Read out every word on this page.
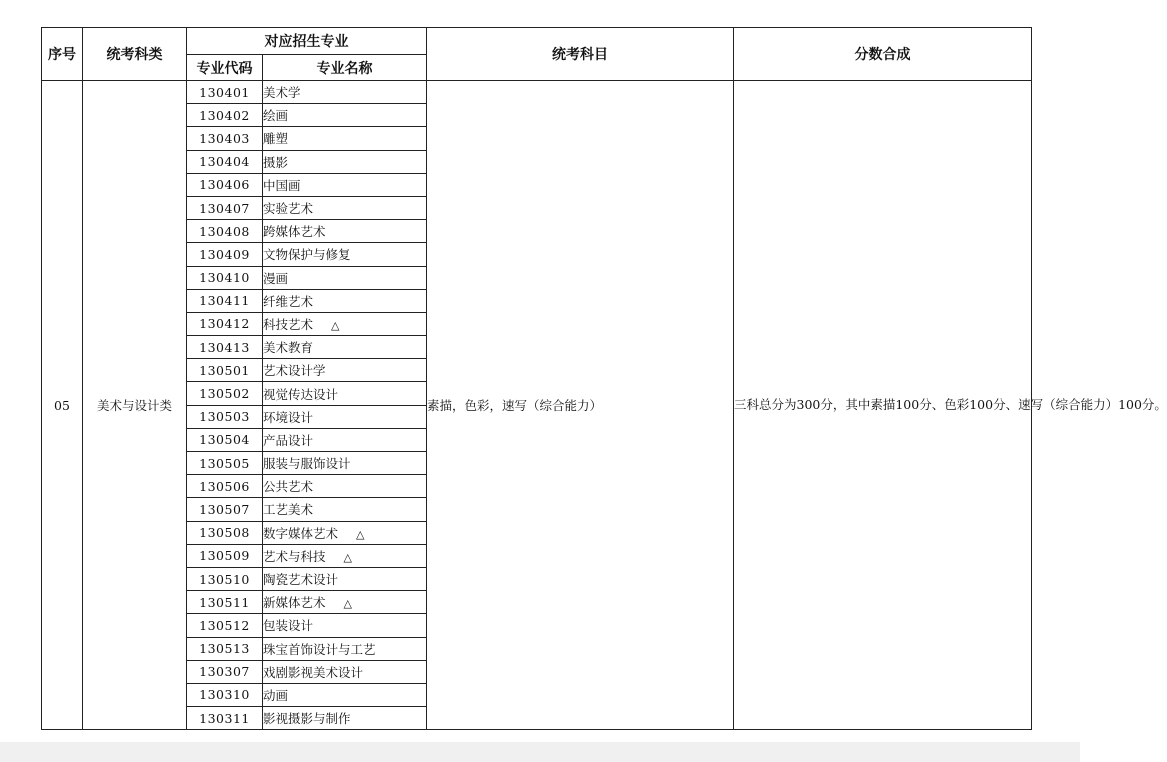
序号	统考科类	对应招生专业		统考科目	分数合成
		专业代码	专业名称		
05	美术与设计类	130401	美术学	素描，色彩，速写（综合能力）	三科总分为300分，其中素描100分、色彩100分、速写（综合能力）100分。

		130402	绘画		
		130403	雕塑		
		130404	摄影		
		130406	中国画		
		130407	实验艺术		
		130408	跨媒体艺术		
		130409	文物保护与修复		
		130410	漫画		
		130411	纤维艺术		
		130412	科技艺术 △		
		130413	美术教育		
		130501	艺术设计学		
		130502	视觉传达设计		
		130503	环境设计		
		130504	产品设计		
		130505	服装与服饰设计		
		130506	公共艺术		
		130507	工艺美术		
		130508	数字媒体艺术 △		
		130509	艺术与科技 △		
		130510	陶瓷艺术设计		
		130511	新媒体艺术 △		
		130512	包装设计		
		130513	珠宝首饰设计与工艺		
		130307	戏剧影视美术设计		
		130310	动画		
		130311	影视摄影与制作		
